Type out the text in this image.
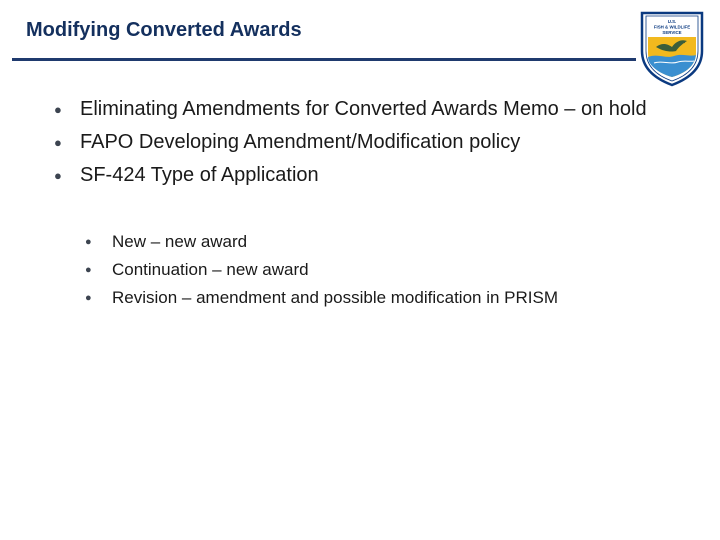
Modifying Converted Awards	U.S.
FISH & WILDLIFE
SERVICE
● Eliminating Amendments for Converted Awards Memo – on hold
● FAPO Developing Amendment/Modification policy
● SF-424 Type of Application
● New – new award
● Continuation – new award
● Revision – amendment and possible modification in PRISM
